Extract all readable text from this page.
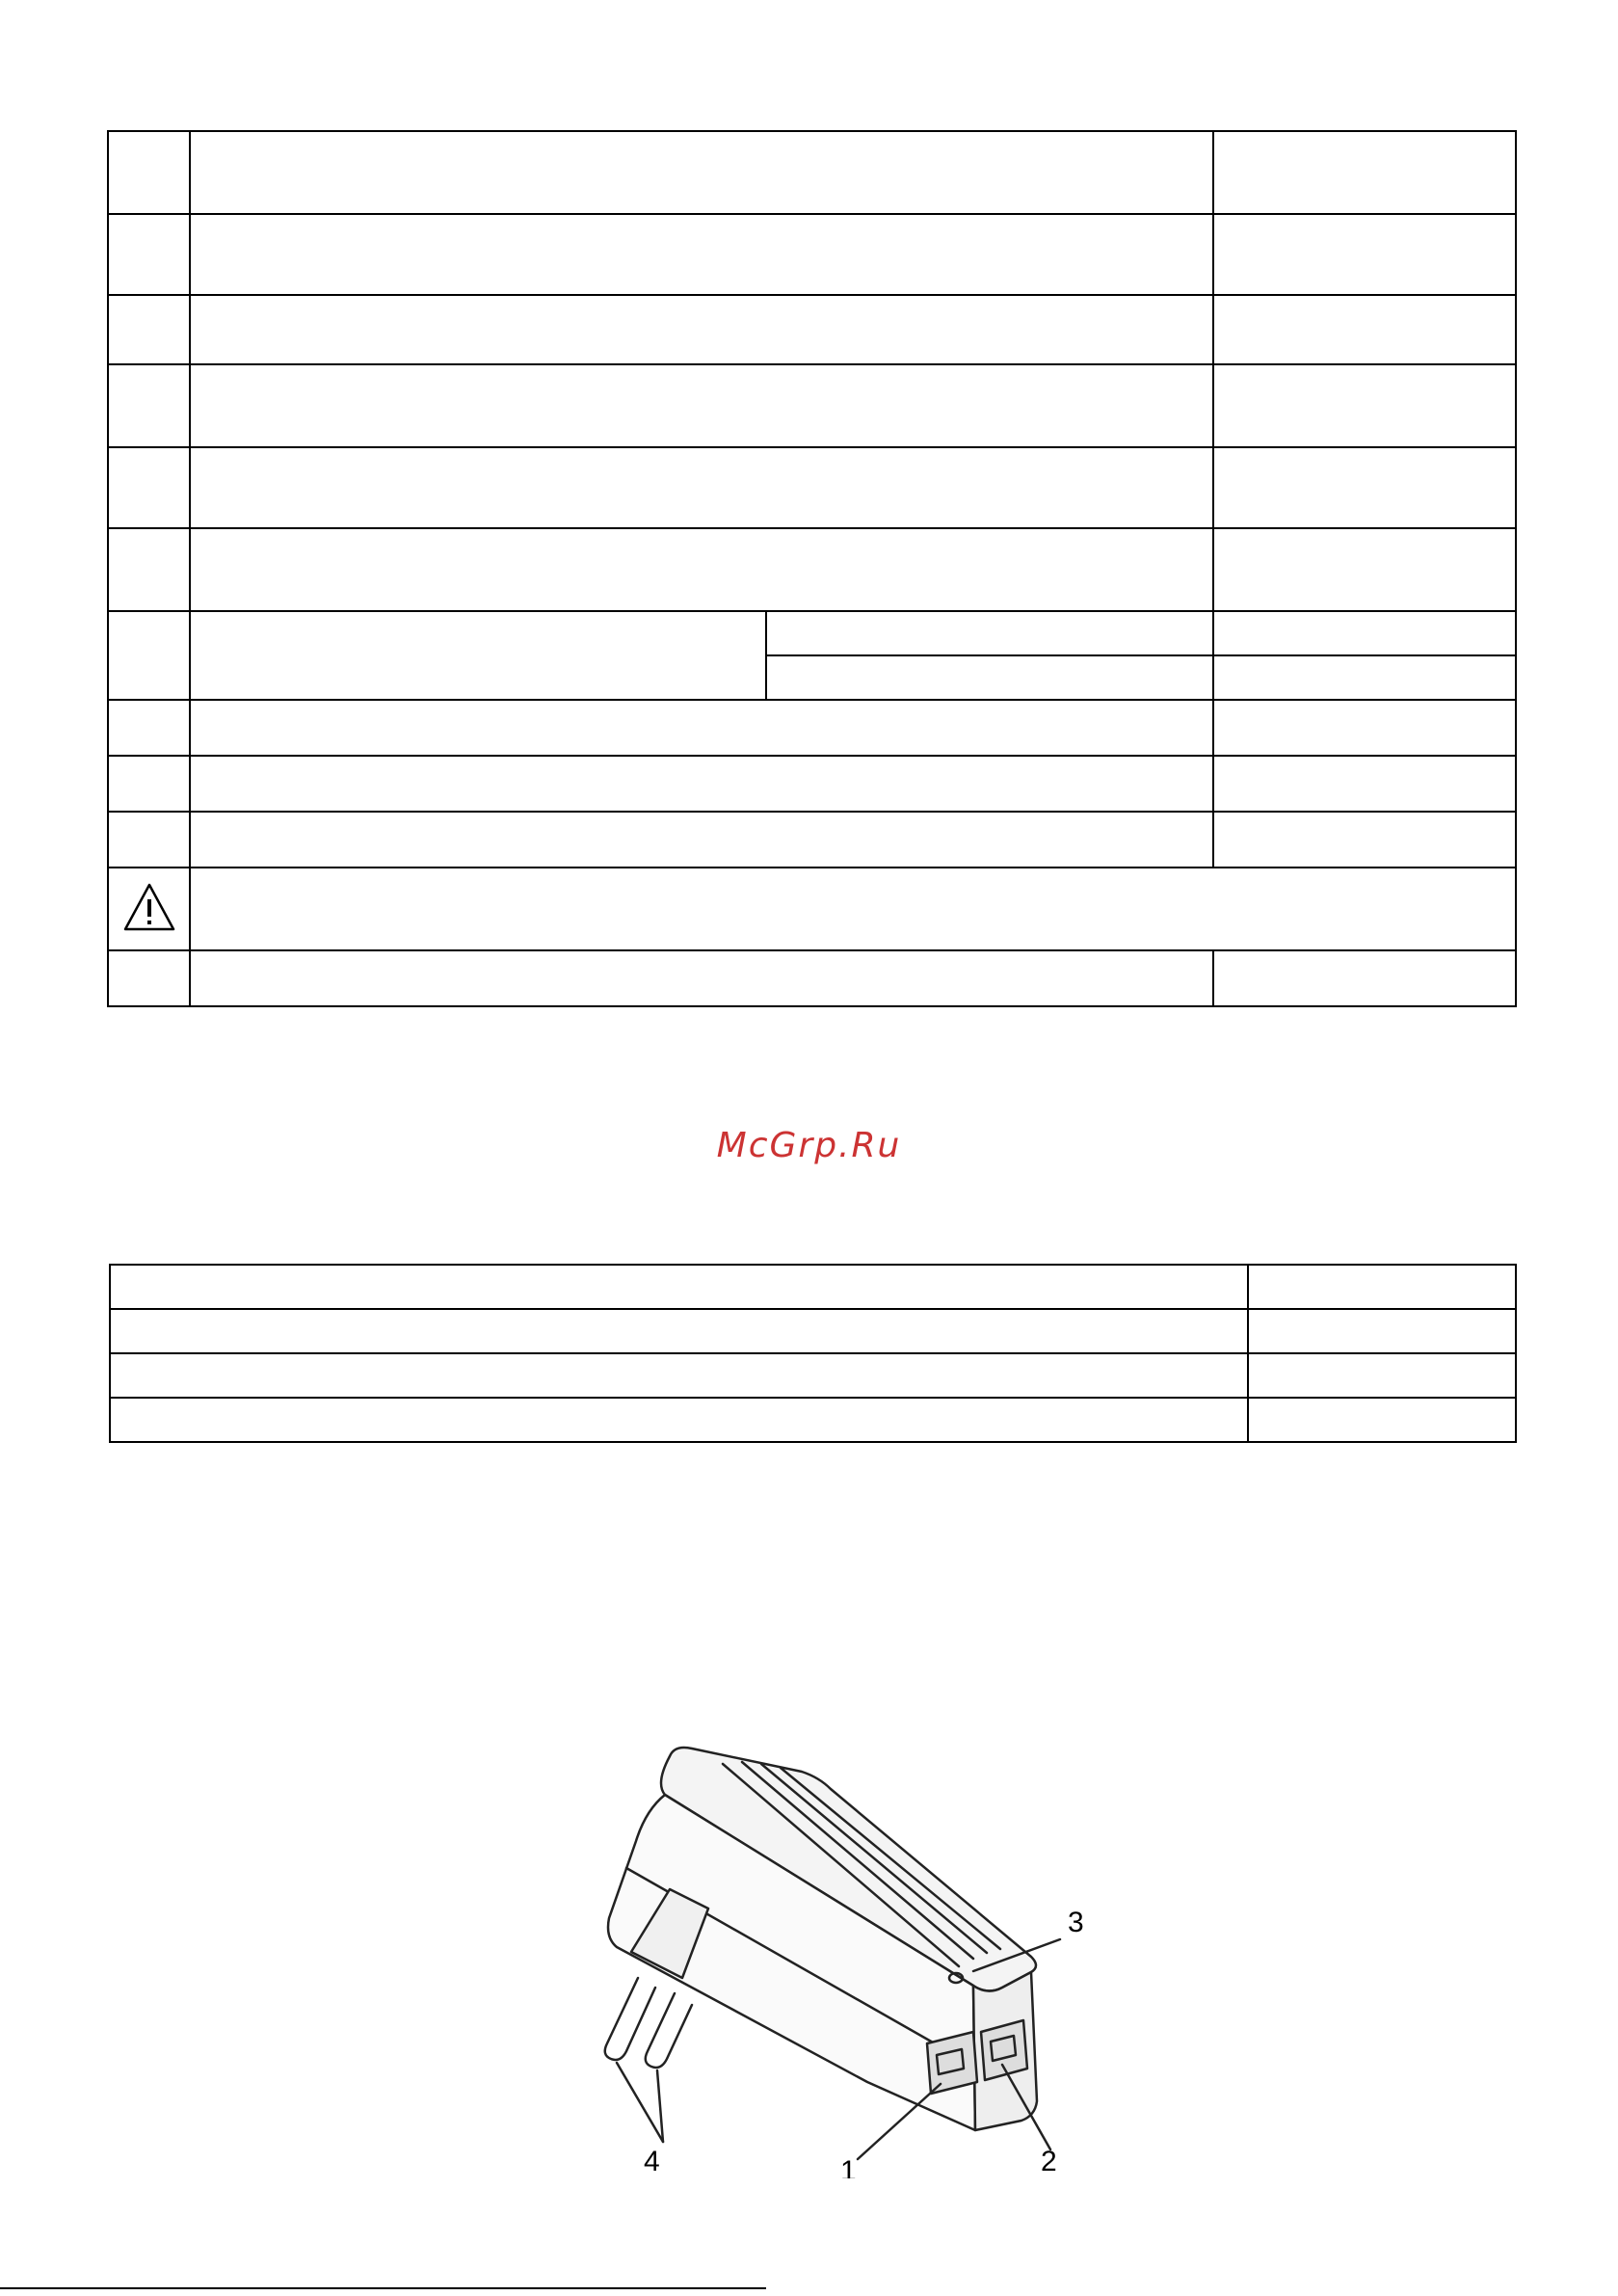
McGrp.Ru

3
1	2
4
